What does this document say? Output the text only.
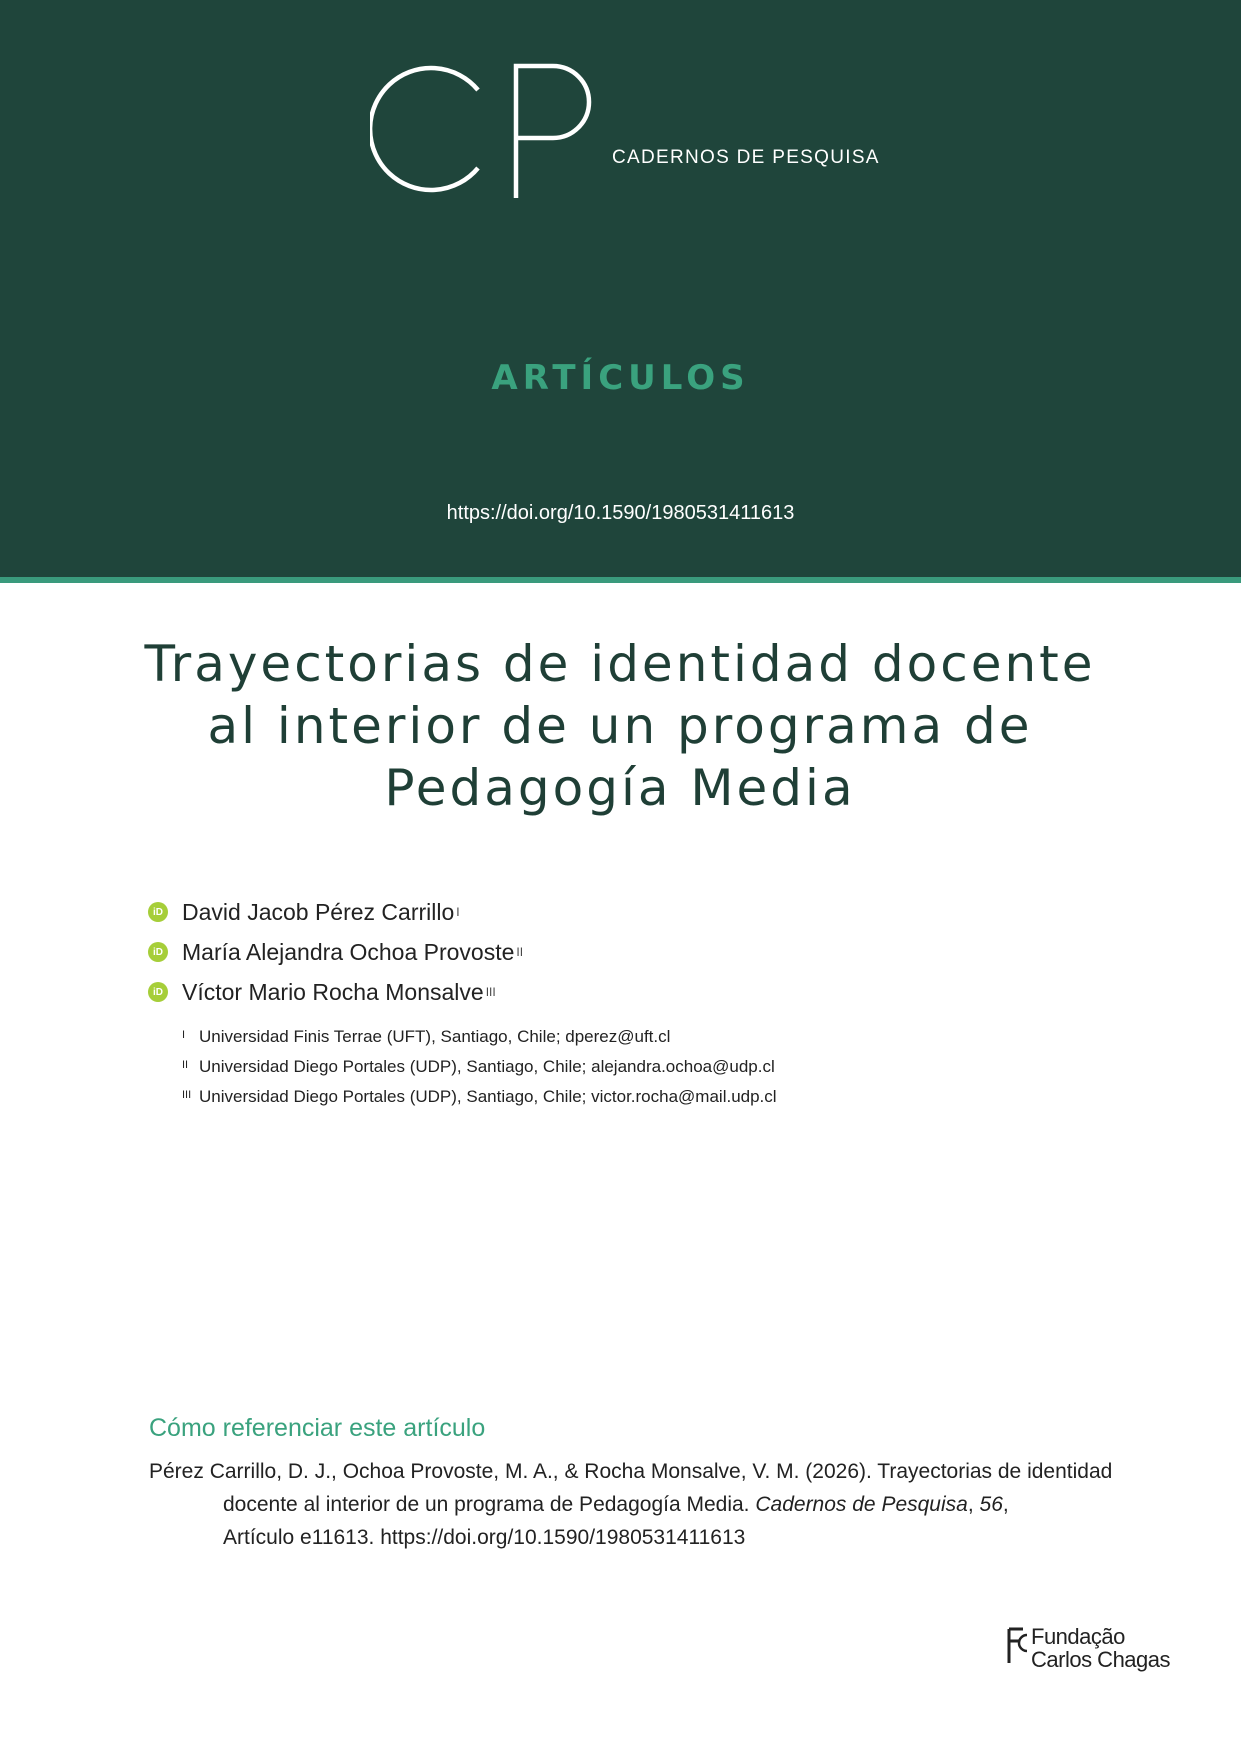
CADERNOS DE PESQUISA
ARTÍCULOS
https://doi.org/10.1590/1980531411613
Trayectorias de identidad docente
al interior de un programa de
Pedagogía Media
iD David Jacob Pérez Carrillo I
iD María Alejandra Ochoa Provoste II
iD Víctor Mario Rocha Monsalve III
I Universidad Finis Terrae (UFT), Santiago, Chile; dperez@uft.cl
II Universidad Diego Portales (UDP), Santiago, Chile; alejandra.ochoa@udp.cl
III Universidad Diego Portales (UDP), Santiago, Chile; victor.rocha@mail.udp.cl
Cómo referenciar este artículo
Pérez Carrillo, D. J., Ochoa Provoste, M. A., & Rocha Monsalve, V. M. (2026). Trayectorias de identidad
docente al interior de un programa de Pedagogía Media. Cadernos de Pesquisa, 56,
Artículo e11613. https://doi.org/10.1590/1980531411613
Fundação
Carlos Chagas
